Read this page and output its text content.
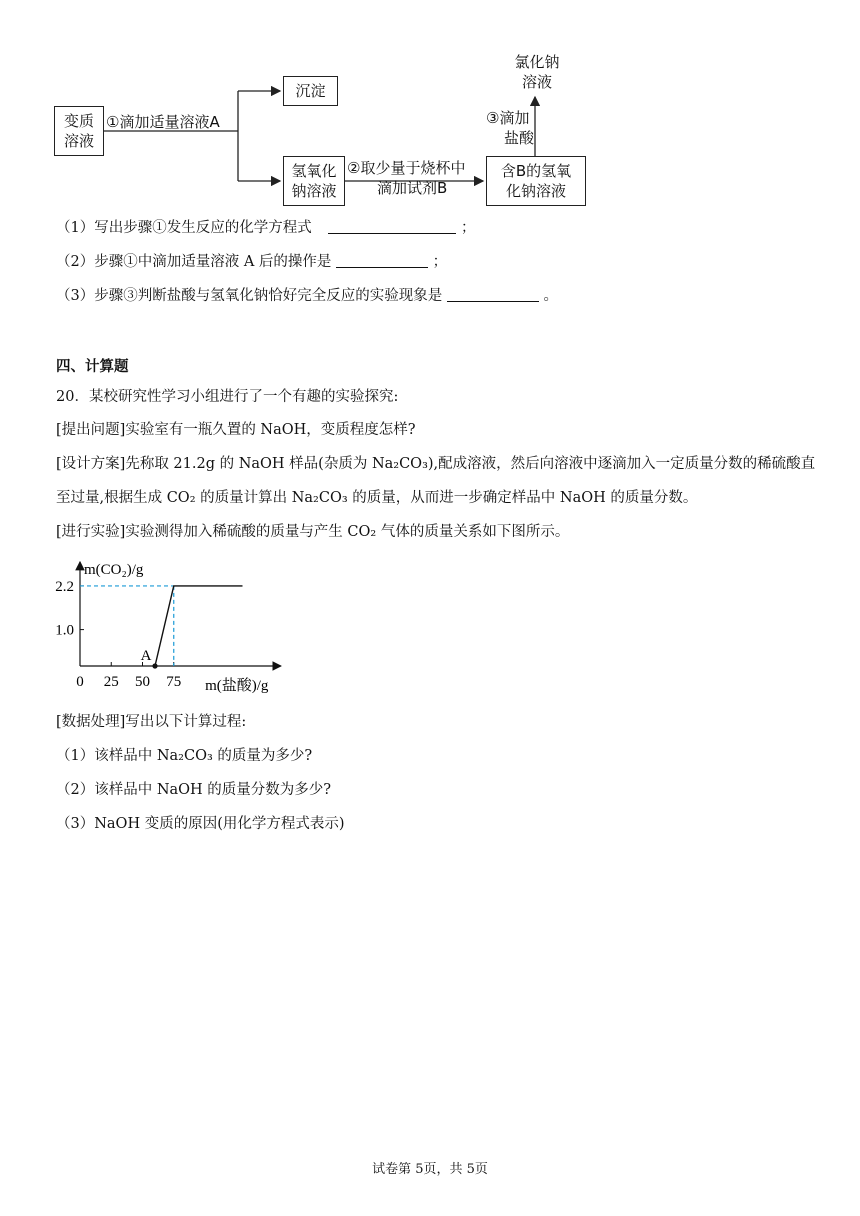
变质
溶液
沉淀
氢氧化
钠溶液
含B的氢氧
化钠溶液
氯化钠
溶液
①滴加适量溶液A
②取少量于烧杯中
滴加试剂B
③滴加
盐酸
（1）写出步骤①发生反应的化学方程式	；
（2）步骤①中滴加适量溶液 A 后的操作是	；
（3）步骤③判断盐酸与氢氧化钠恰好完全反应的实验现象是	。
四、计算题
20．某校研究性学习小组进行了一个有趣的实验探究:
[提出问题]实验室有一瓶久置的 NaOH，变质程度怎样?
[设计方案]先称取 21.2g 的 NaOH 样品(杂质为 Na₂CO₃),配成溶液，然后向溶液中逐滴加入一定质量分数的稀硫酸直
至过量,根据生成 CO₂ 的质量计算出 Na₂CO₃ 的质量，从而进一步确定样品中 NaOH 的质量分数。
[进行实验]实验测得加入稀硫酸的质量与产生 CO₂ 气体的质量关系如下图所示。
m(CO₂)/g
0 25 50 75 m(盐酸)/g
2.2
1.0
A
[数据处理]写出以下计算过程:
（1）该样品中 Na₂CO₃ 的质量为多少?
（2）该样品中 NaOH 的质量分数为多少?
（3）NaOH 变质的原因(用化学方程式表示)
试卷第 5页，共 5页
